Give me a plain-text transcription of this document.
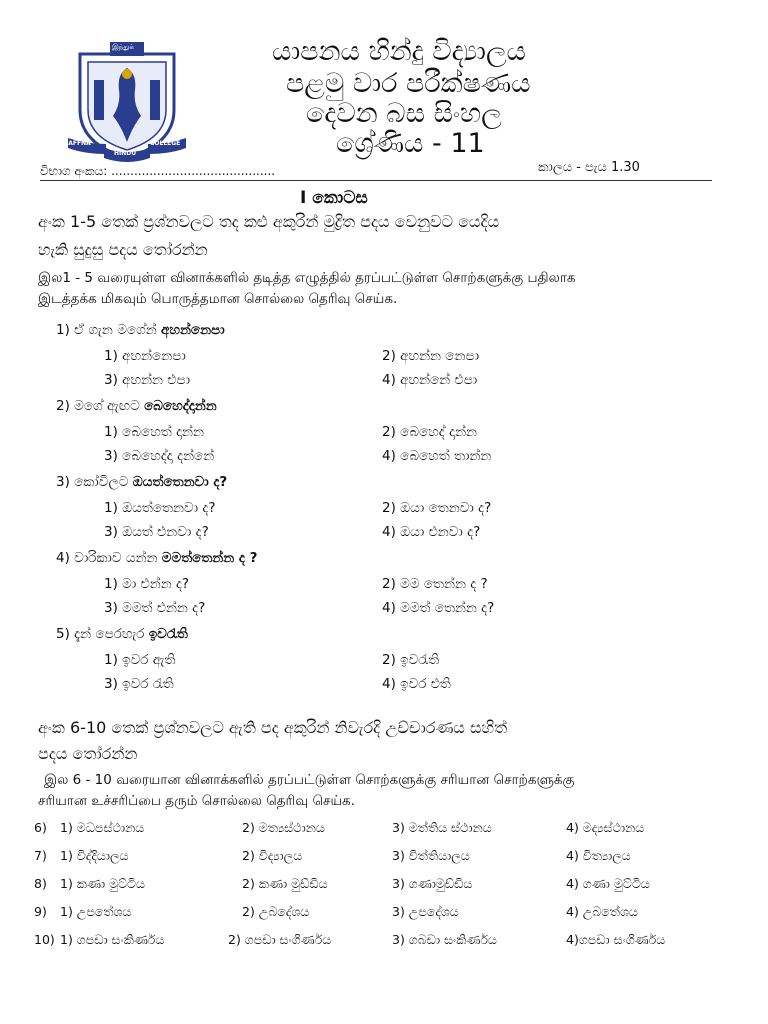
இந்துக்
JAFFNA	COLLEGE
HINDU
යාපනය හින්දු විද්‍යාලය
පළමු වාර පරීක්ෂණය
දෙවන බස සිංහල
ශ්‍රේණිය - 11
විභාග අංකය: ...........................................	කාලය - පැය 1.30
I කොටස
අංක 1-5 තෙක් ප්‍රශ්නවලට තද කළු අකුරින් මුද්‍රිත පදය වෙනුවට යෙදිය
හැකි සුදුසු පදය තෝරන්න
இல1 - 5 வரையுள்ள வினாக்களில் தடித்த எழுத்தில் தரப்பட்டுள்ள சொற்களுக்கு பதிலாக
இடத்தக்க மிகவும் பொருத்தமான சொல்லை தெரிவு செய்க.
1) ඒ ගැන මගේන් අහන්නෙපා
1) අහන්නෙපා	2) අහන්න නෙපා
3) අහන්න එපා	4) අහන්නේ එපා
2) මගේ ඇඟට බෙහෙද්දාන්න
1) බෙහෙත් දාන්න	2) බෙහෙද් දාන්න
3) බෙහෙද්දා දන්නේ	4) බෙහෙත් තාන්න
3) කෝවිලට ඔයත්තෙනවා ද?
1) ඔයත්තෙනවා ද?	2) ඔයා තෙනවා ද?
3) ඔයත් එනවා ද?	4) ඔයා එනවා ද?
4) වාරිකාව යන්න මමත්තෙන්න ද ?
1) මා එන්න ද?	2) මම තෙන්න ද ?
3) මමත් එන්න ද?	4) මමත් තෙන්න ද?
5) දැන් පෙරහැර ඉවරැති
1) ඉවර ඇති	2) ඉවරැති
3) ඉවර රැති	4) ඉවර එති
අංක 6-10 තෙක් ප්‍රශ්නවලට ඇති පද අකුරින් නිවැරදි උච්චාරණය සහිත්
පදය තෝරන්න
இல 6 - 10 வரையான வினாக்களில் தரப்பட்டுள்ள சொற்களுக்கு சரியான சொற்களுக்கு
சரியான உச்சரிப்பை தரும் சொல்லை தெரிவு செய்க.
6) 1) මධපස්ථානය	2) මත්‍යස්ථානය	3) මත්තිය ස්ථානය	4) මද්‍යස්ථානය
7) 1) විද්දියාලය	2) විද්‍යාලය	3) විත්තියාලය	4) විත්‍යාලය
8) 1) කණා මුට්ටිය	2) කණා මුඩ්ඩිය	3) ගණාමුඩ්ඩිය	4) ගණා මුට්ටිය
9) 1) උපතේශය	2) උබදේශය	3) උපදේශය	4) උබතේශය
10) 1) ගපඩා සංකිර්ණය	2) ගපඩා සංගිර්ණය	3) ගබඩා සංකිර්ණය	4)ගපඩා සංගිර්ණය
